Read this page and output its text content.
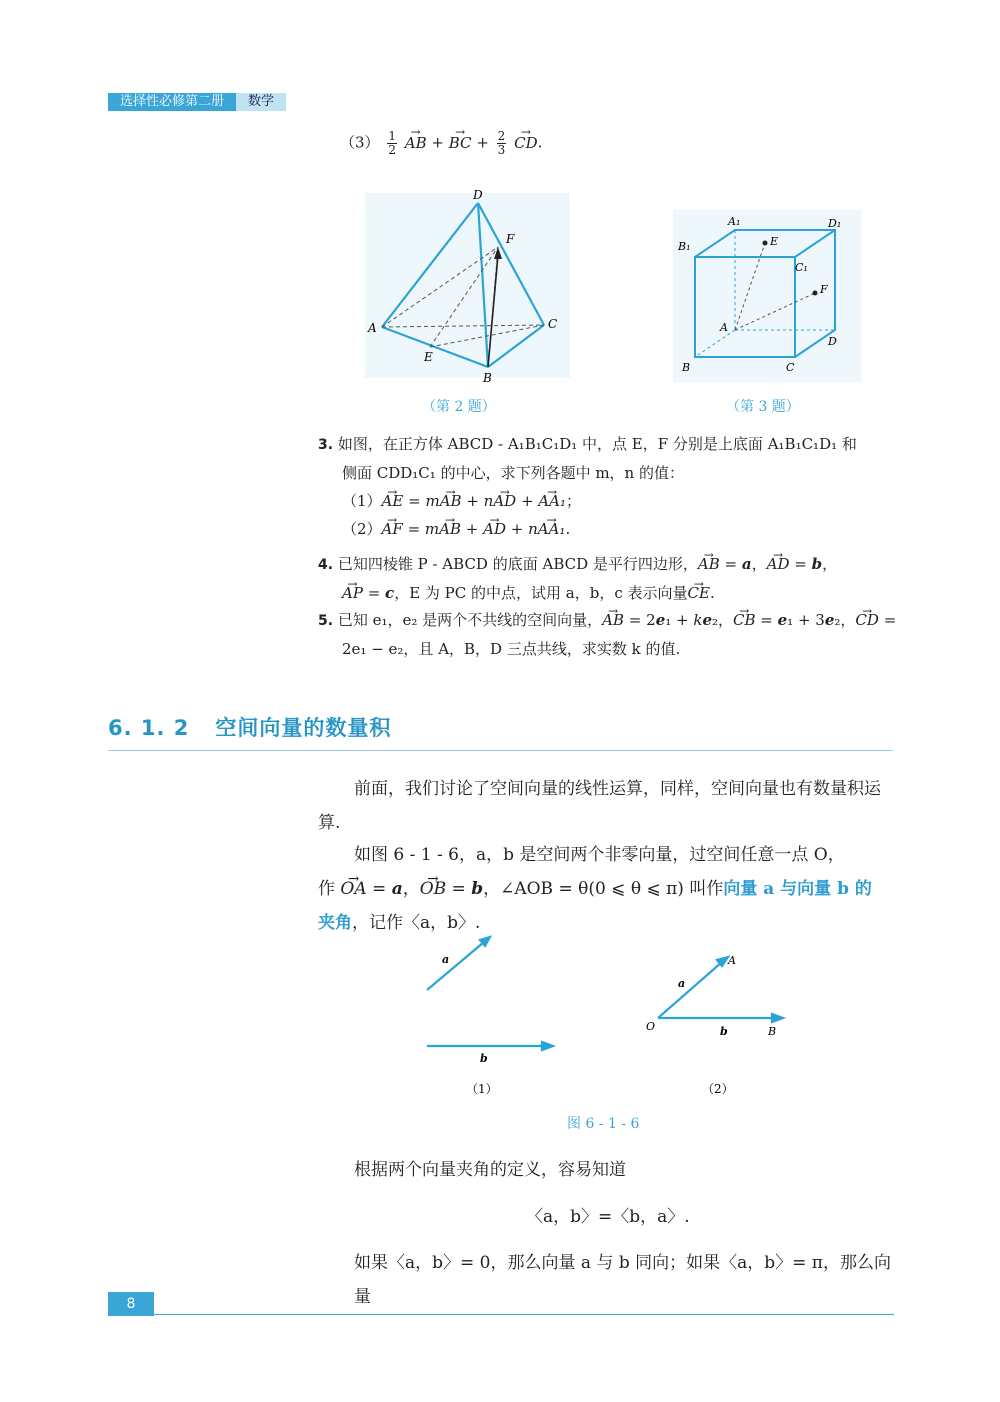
选择性必修第二册	数学
$(3) \frac{1}{2}$ AB → + BC → + $\frac{2}{3}$ CD →.
D
F
A	C
E
B
（第 2 题）
A₁	D₁
B₁
C₁
E
F
A
D
B	C
（第 3 题）
3. 如图，在正方体 ABCD - A₁B₁C₁D₁ 中，点 E，F 分别是上底面 A₁B₁C₁D₁ 和
侧面 CDD₁C₁ 的中心，求下列各题中 m，n 的值：
（1）AE → = mAB → + nAD → + AA₁ →；
（2）AF → = mAB → + AD → + nAA₁ →.
4. 已知四棱锥 P - ABCD 的底面 ABCD 是平行四边形，AB → = a，AD → = b，
AP → = c，E 为 PC 的中点，试用 a，b，c 表示向量CE →.
5. 已知 e₁，e₂ 是两个不共线的空间向量，AB → = 2e₁ + ke₂，CB → = e₁ + 3e₂，CD → =
2e₁ − e₂，且 A，B，D 三点共线，求实数 k 的值.
6. 1. 2 空间向量的数量积
前面，我们讨论了空间向量的线性运算，同样，空间向量也有数量积运算.
如图 6 - 1 - 6，a，b 是空间两个非零向量，过空间任意一点 O，
作 OA → = a，OB → = b，∠AOB = θ(0 ⩽ θ ⩽ π) 叫作向量 a 与向量 b 的
夹角，记作〈a，b〉.
a
b
a
b
O
A
B
（1）	（2）
图 6 - 1 - 6
根据两个向量夹角的定义，容易知道
〈a，b〉=〈b，a〉.
如果〈a，b〉= 0，那么向量 a 与 b 同向；如果〈a，b〉= π，那么向量
8
